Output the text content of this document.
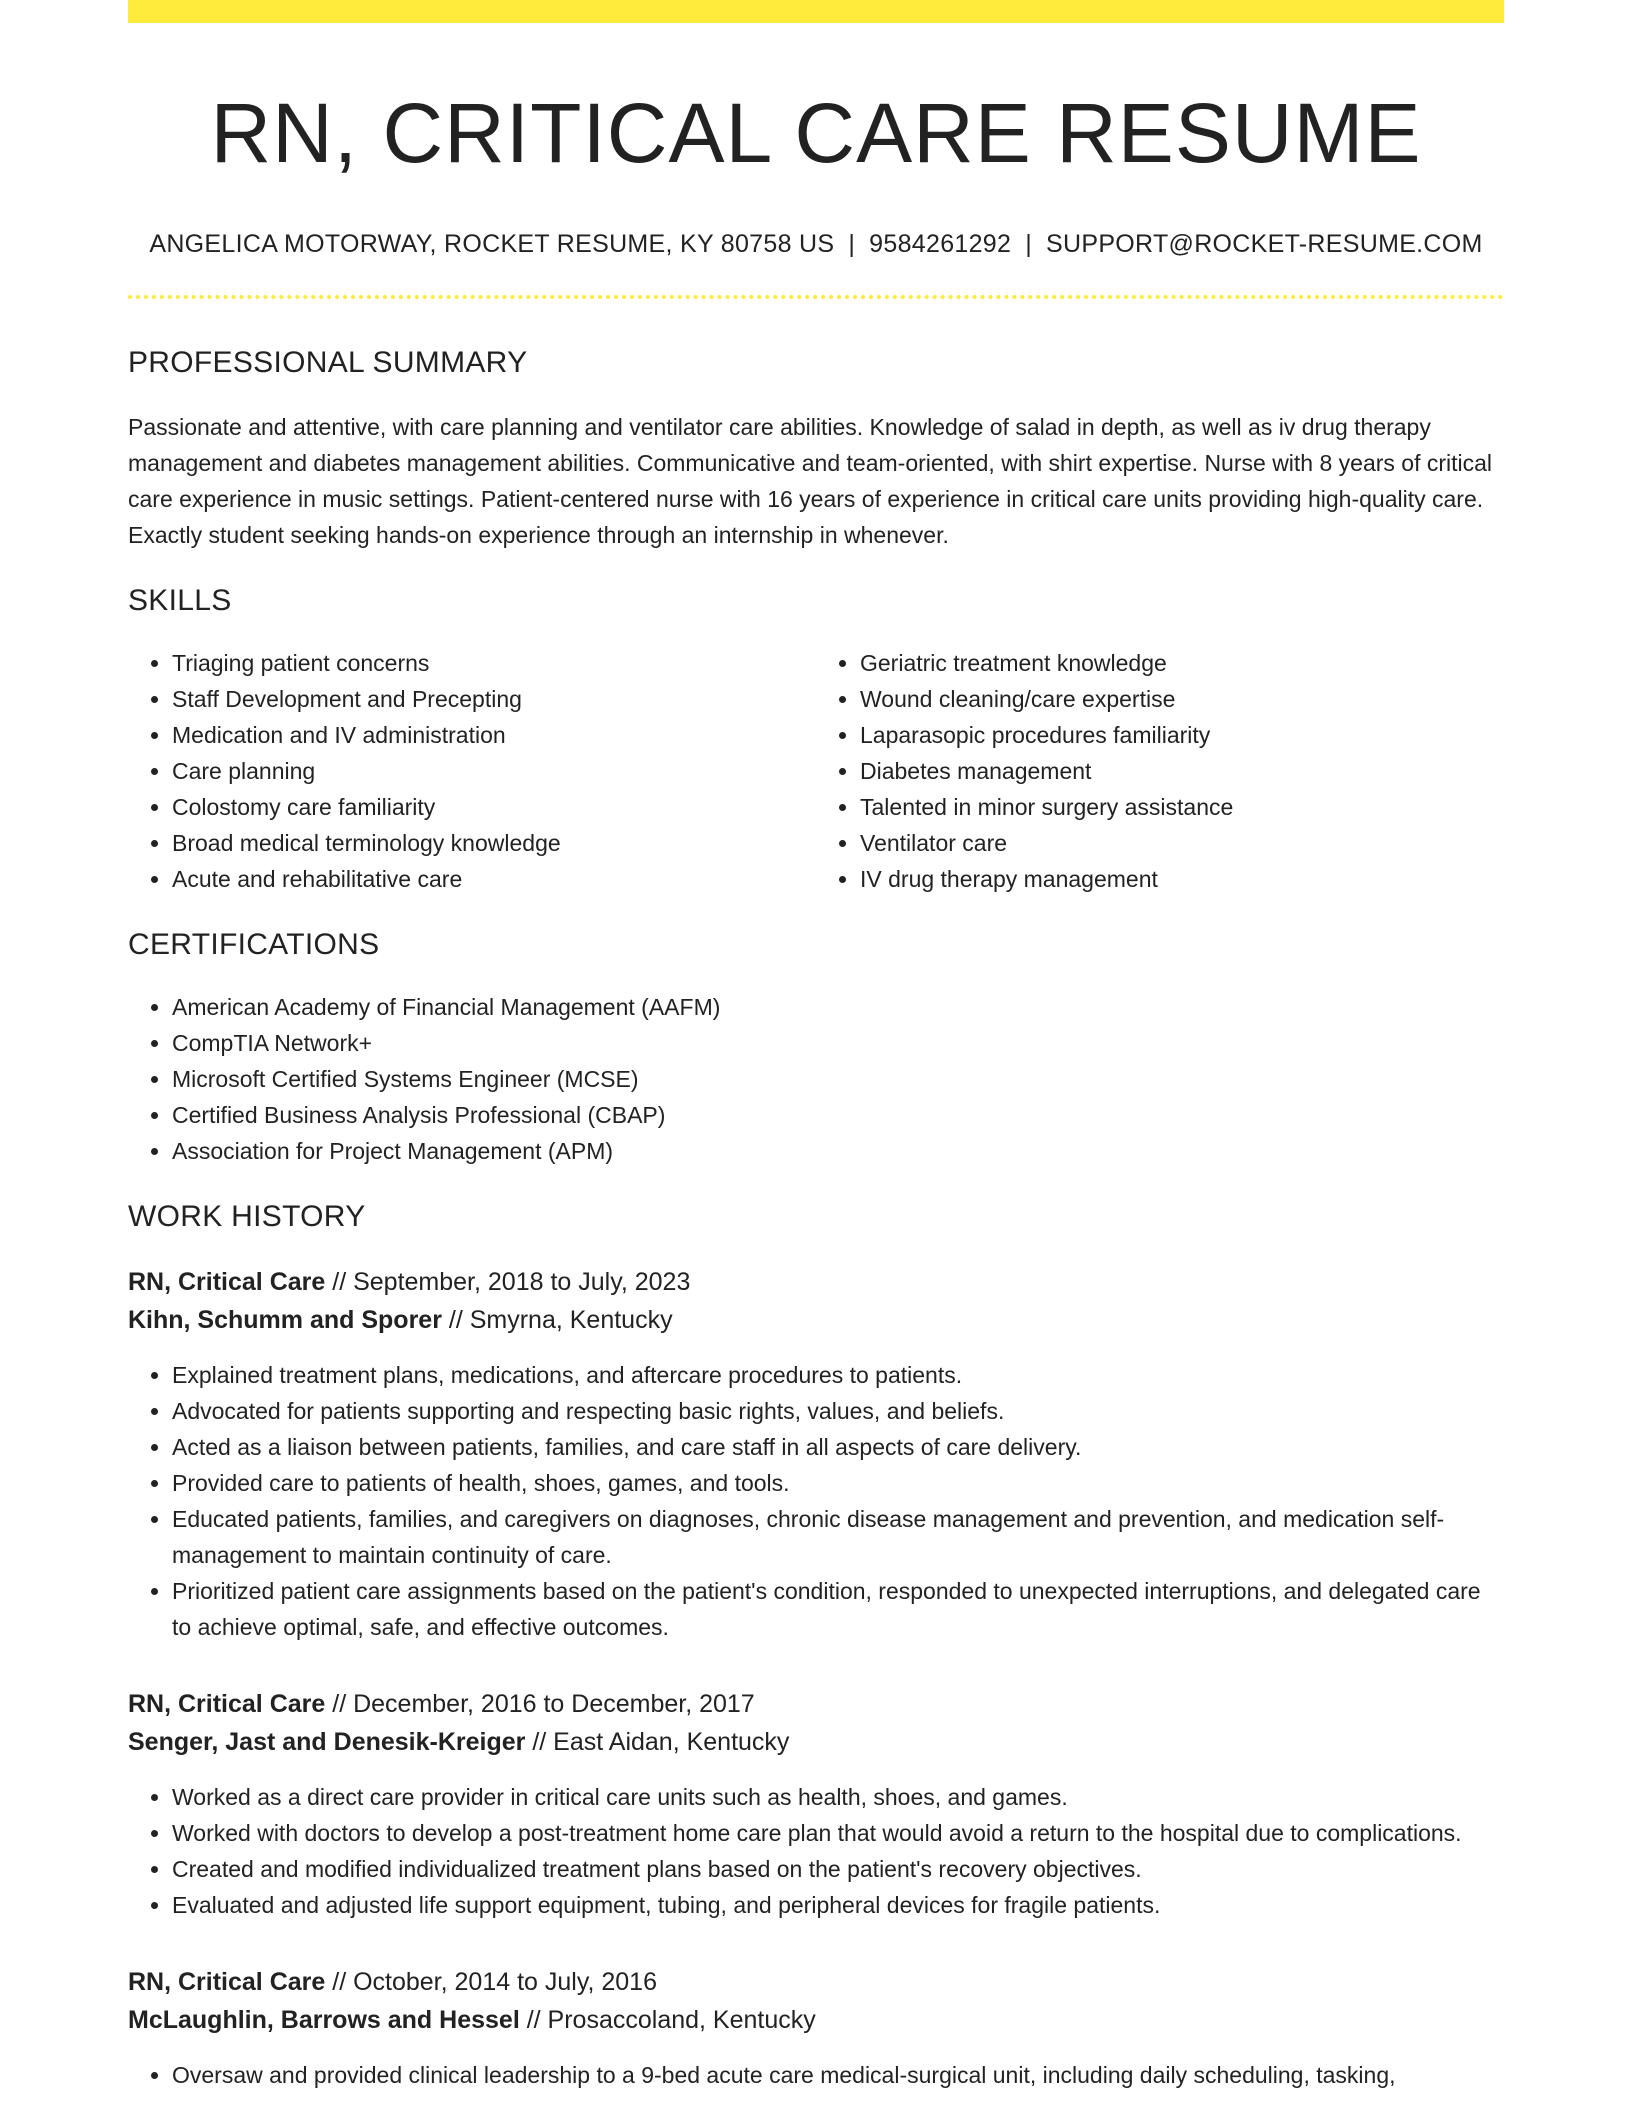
RN, CRITICAL CARE RESUME
ANGELICA MOTORWAY, ROCKET RESUME, KY 80758 US | 9584261292 | SUPPORT@ROCKET-RESUME.COM
PROFESSIONAL SUMMARY

Passionate and attentive, with care planning and ventilator care abilities. Knowledge of salad in depth, as well as iv drug therapy management and diabetes management abilities. Communicative and team-oriented, with shirt expertise. Nurse with 8 years of critical care experience in music settings. Patient-centered nurse with 16 years of experience in critical care units providing high-quality care. Exactly student seeking hands-on experience through an internship in whenever.

SKILLS
• Triaging patient concerns
• Staff Development and Precepting
• Medication and IV administration
• Care planning
• Colostomy care familiarity
• Broad medical terminology knowledge
• Acute and rehabilitative care
• Geriatric treatment knowledge
• Wound cleaning/care expertise
• Laparasopic procedures familiarity
• Diabetes management
• Talented in minor surgery assistance
• Ventilator care
• IV drug therapy management
CERTIFICATIONS
• American Academy of Financial Management (AAFM)
• CompTIA Network+
• Microsoft Certified Systems Engineer (MCSE)
• Certified Business Analysis Professional (CBAP)
• Association for Project Management (APM)
WORK HISTORY
RN, Critical Care // September, 2018 to July, 2023
Kihn, Schumm and Sporer // Smyrna, Kentucky
• Explained treatment plans, medications, and aftercare procedures to patients.
• Advocated for patients supporting and respecting basic rights, values, and beliefs.
• Acted as a liaison between patients, families, and care staff in all aspects of care delivery.
• Provided care to patients of health, shoes, games, and tools.
• Educated patients, families, and caregivers on diagnoses, chronic disease management and prevention, and medication self-management to maintain continuity of care.
• Prioritized patient care assignments based on the patient's condition, responded to unexpected interruptions, and delegated care to achieve optimal, safe, and effective outcomes.
RN, Critical Care // December, 2016 to December, 2017
Senger, Jast and Denesik-Kreiger // East Aidan, Kentucky
• Worked as a direct care provider in critical care units such as health, shoes, and games.
• Worked with doctors to develop a post-treatment home care plan that would avoid a return to the hospital due to complications.
• Created and modified individualized treatment plans based on the patient's recovery objectives.
• Evaluated and adjusted life support equipment, tubing, and peripheral devices for fragile patients.
RN, Critical Care // October, 2014 to July, 2016
McLaughlin, Barrows and Hessel // Prosaccoland, Kentucky
• Oversaw and provided clinical leadership to a 9-bed acute care medical-surgical unit, including daily scheduling, tasking,
